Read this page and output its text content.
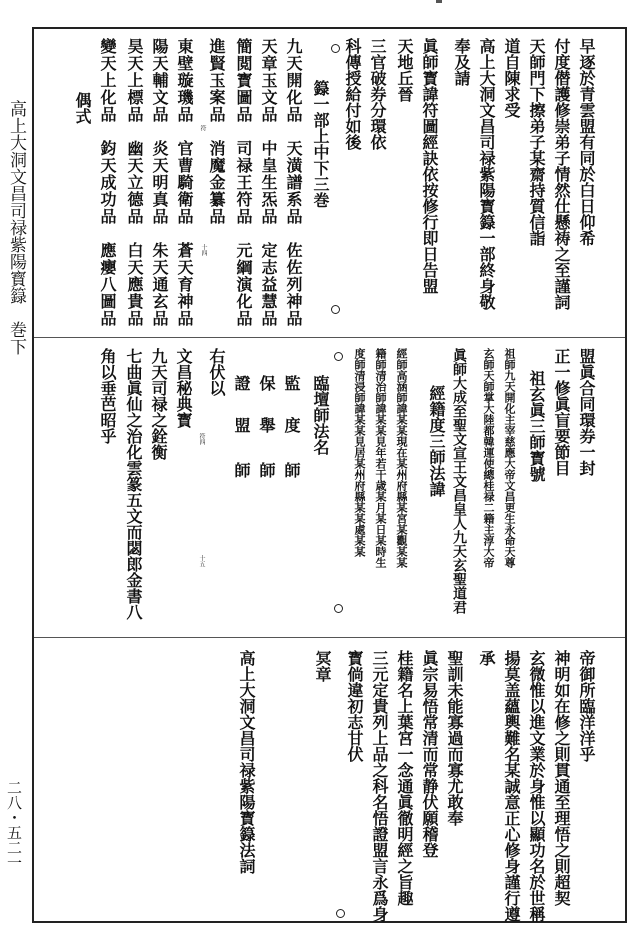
高上大洞文昌司禄紫陽寳籙　巻下
二八・五二一
早逐於青雲盟有同於白日仰希
付度僣護修崇弟子情然仕懸祷之至謹詞
天師門下擦弟子某齋持質信詣
道自陳求受
高上大洞文昌司禄紫陽寳籙一部終身敬
奉及請
眞師寳諱符圖經訣依按修行即日告盟
天地丘晉
三官破券分環依
科傳授給付如後
籙一部上中下三巻
九天開化品　天潢譜系品　佐佐列神品
天章玉文品　中皇生炁品　定志益慧品
簡閲寳圖品　司禄王符品　元綱演化品
進賢玉案品　消魔金纂品
東壁璇璣品　官曹騎衛品　蒼天育神品
陽天輔文品　炎天明真品　朱天通玄品
昊天上標品　幽天立德品　白天應貴品
變天上化品　鈞天成功品　應癭八圖品
偶式
符
十四
盟眞合同環券一封
正一修眞盲要節目
祖玄眞三師寳號
祖師九天開化主宰慈應大帝文昌更生永命天尊
玄師天師掌大陸都韓運使總桂禄二籍主淳大帝
眞師大成至聖文宣王文昌皇人九天玄聖道君
經籍度三師法諱
經師高涵師諱某某現在某州府縣某宮某觀某某
籍師清治師諱某某見年若干歳某月某日某時生
度師清浸師諱某某見居某州府縣某某處某某
臨壇師法名
監
度
師
保
舉
師
證
盟
師
右伏以
文昌秘典寳
九天司禄之銓衡
七曲眞仙之治化雲篆五文而閟郎金書八
角以垂芭昭乎	符四
十五
帝御所臨洋洋乎
神明如在修之則貫通至理悟之則超契
玄微惟以進文業於身惟以顯功名於世稱
揚莫盖蘊輿難名某誠意正心修身謹行遵
承
聖訓未能寡過而寡尤敢奉
眞宗易悟常清而常静伏願稽登
桂籍名上葉宮一念通眞徹明經之旨趣
三元定貴列上品之科名悟證盟言永爲身
寳倘違初志甘伏
冥章
高上大洞文昌司禄紫陽寳籙法詞
